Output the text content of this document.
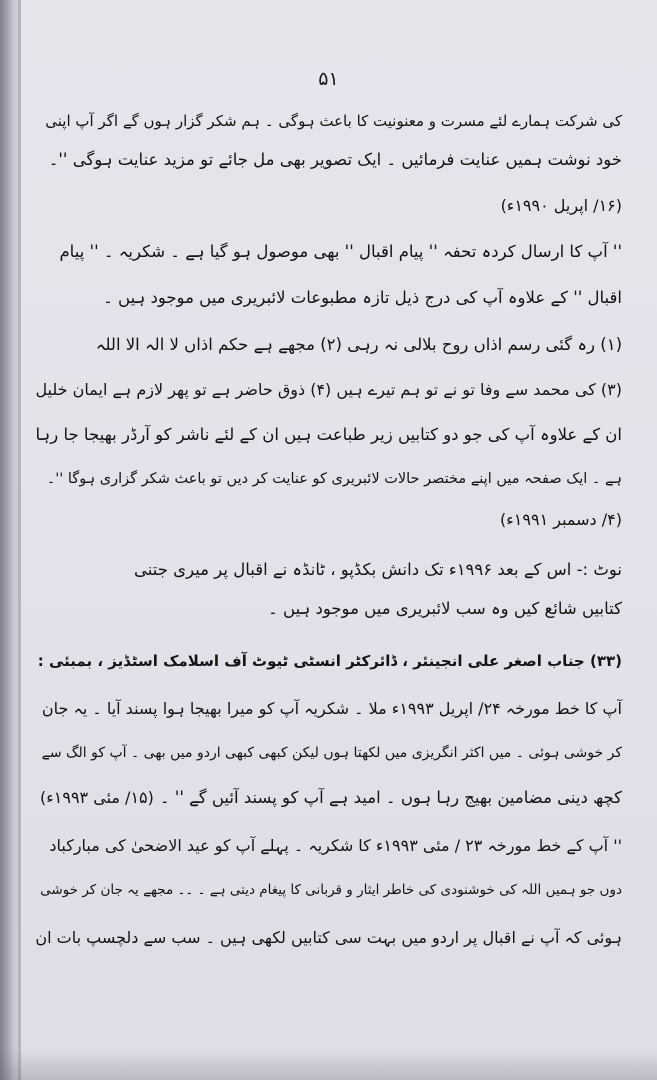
۵۱
کی شرکت ہمارے لئے مسرت و معنونیت کا باعث ہوگی ۔ ہم شکر گزار ہوں گے اگر آپ اپنی
خود نوشت ہمیں عنایت فرمائیں ۔ ایک تصویر بھی مل جائے تو مزید عنایت ہوگی ''۔
(۱۶/ اپریل ۱۹۹۰ء)
'' آپ کا ارسال کردہ تحفہ '' پیام اقبال '' بھی موصول ہو گیا ہے ۔ شکریہ ۔ '' پیام
اقبال '' کے علاوہ آپ کی درج ذیل تازہ مطبوعات لائبریری میں موجود ہیں ۔
(۱) رہ گئی رسم اذاں روح بلالی نہ رہی (۲) مجھے ہے حکم اذاں لا الہ الا اللہ
(۳) کی محمد سے وفا تو نے تو ہم تیرے ہیں (۴) ذوق حاضر ہے تو پھر لازم ہے ایمان خلیل
ان کے علاوہ آپ کی جو دو کتابیں زیر طباعت ہیں ان کے لئے ناشر کو آرڈر بھیجا جا رہا
ہے ۔ ایک صفحہ میں اپنے مختصر حالات لائبریری کو عنایت کر دیں تو باعث شکر گزاری ہوگا ''۔
(۴/ دسمبر ۱۹۹۱ء)
نوٹ :- اس کے بعد ۱۹۹۶ء تک دانش بکڈپو ، ٹانڈہ نے اقبال پر میری جتنی
کتابیں شائع کیں وہ سب لائبریری میں موجود ہیں ۔
(۳۳) جناب اصغر علی انجینئر ، ڈائرکٹر انسٹی ٹیوٹ آف اسلامک اسٹڈیز ، بمبئی :
آپ کا خط مورخہ ۲۴/ اپریل ۱۹۹۳ء ملا ۔ شکریہ آپ کو میرا بھیجا ہوا پسند آیا ۔ یہ جان
کر خوشی ہوئی ۔ میں اکثر انگریزی میں لکھتا ہوں لیکن کبھی کبھی اردو میں بھی ۔ آپ کو الگ سے
کچھ دینی مضامین بھیج رہا ہوں ۔ امید ہے آپ کو پسند آئیں گے '' ۔
(۱۵/ مئی ۱۹۹۳ء)
'' آپ کے خط مورخہ ۲۳ / مئی ۱۹۹۳ء کا شکریہ ۔ پہلے آپ کو عید الاضحیٰ کی مبارکباد
دوں جو ہمیں اللہ کی خوشنودی کی خاطر ایثار و قربانی کا پیغام دیتی ہے ۔ ۔۔ مجھے یہ جان کر خوشی
ہوئی کہ آپ نے اقبال پر اردو میں بہت سی کتابیں لکھی ہیں ۔ سب سے دلچسپ بات ان
